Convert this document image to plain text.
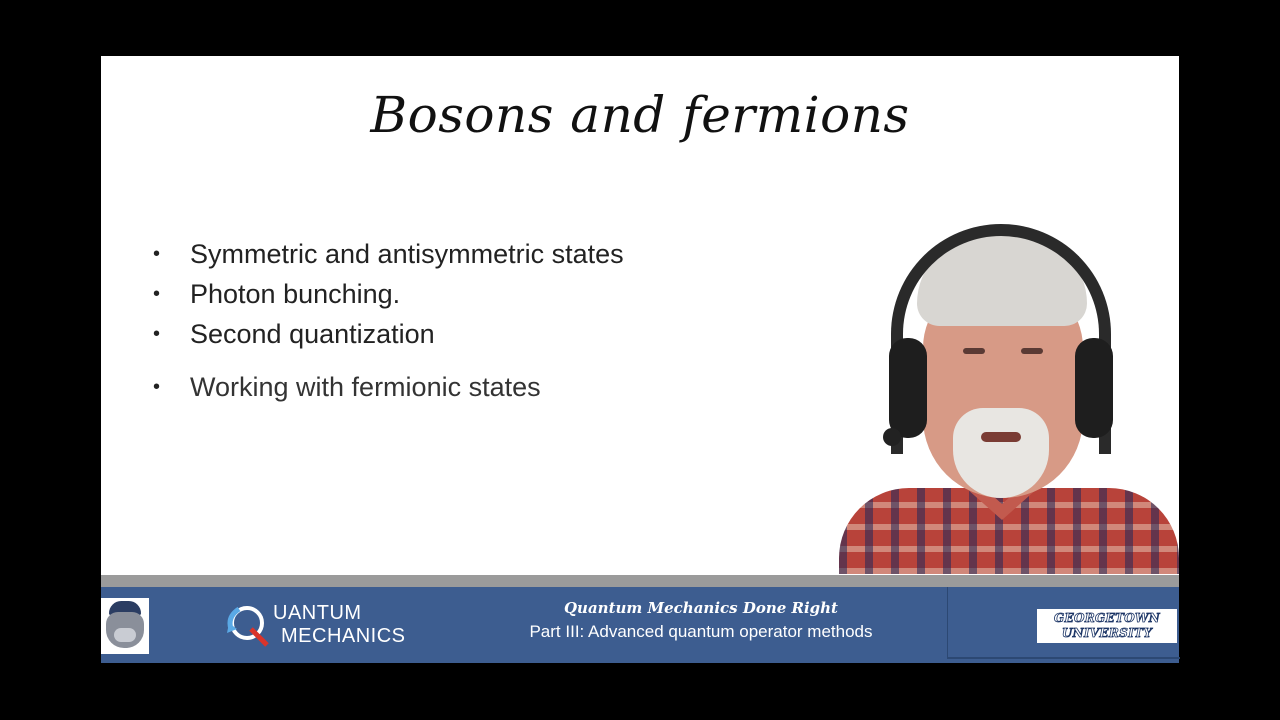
Bosons and fermions
• Symmetric and antisymmetric states
• Photon bunching.
• Second quantization
• Working with fermionic states
UANTUM
MECHANICS
Quantum Mechanics Done Right
Part III: Advanced quantum operator methods
GEORGETOWN
UNIVERSITY
